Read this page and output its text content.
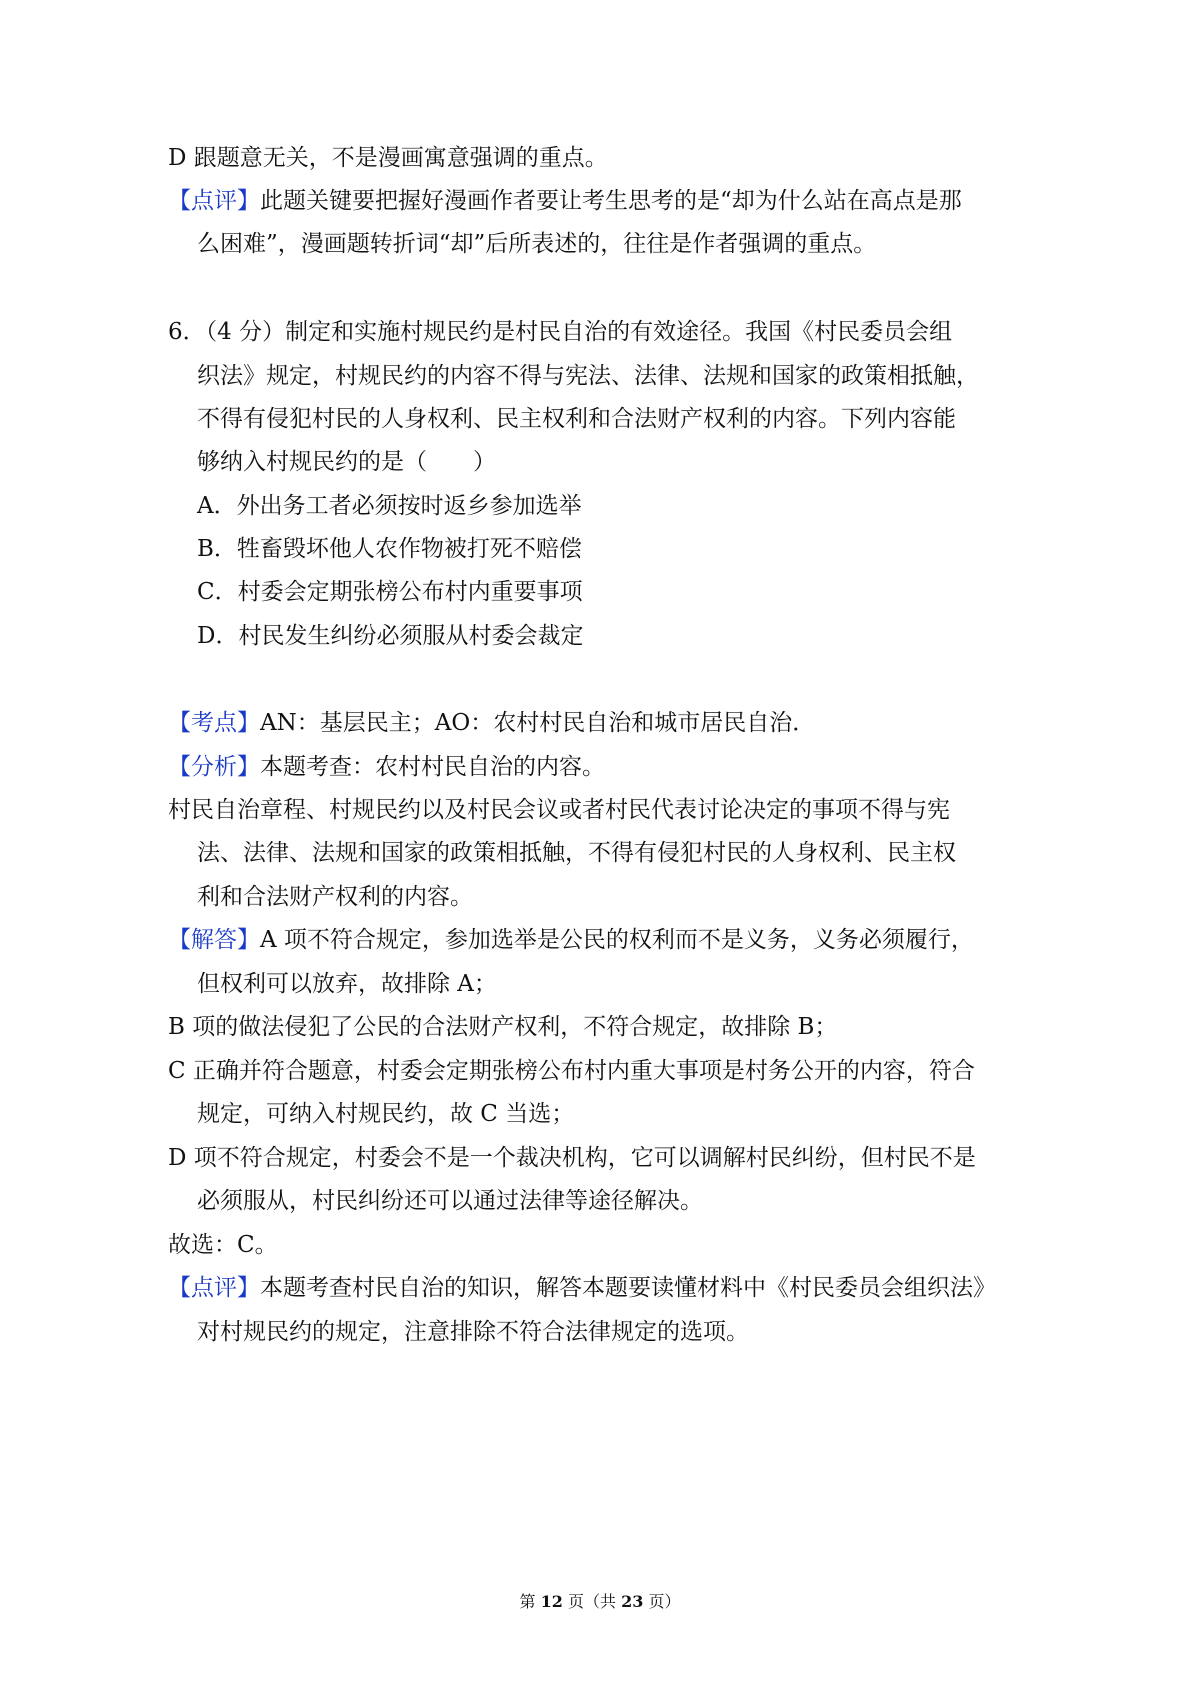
D 跟题意无关，不是漫画寓意强调的重点。
【点评】此题关键要把握好漫画作者要让考生思考的是“却为什么站在高点是那
么困难”，漫画题转折词“却”后所表述的，往往是作者强调的重点。
6．（4 分）制定和实施村规民约是村民自治的有效途径。我国《村民委员会组
织法》规定，村规民约的内容不得与宪法、法律、法规和国家的政策相抵触，
不得有侵犯村民的人身权利、民主权利和合法财产权利的内容。下列内容能
够纳入村规民约的是（　　）
A．外出务工者必须按时返乡参加选举
B．牲畜毁坏他人农作物被打死不赔偿
C．村委会定期张榜公布村内重要事项
D．村民发生纠纷必须服从村委会裁定
【考点】AN：基层民主；AO：农村村民自治和城市居民自治．
【分析】本题考查：农村村民自治的内容。
村民自治章程、村规民约以及村民会议或者村民代表讨论决定的事项不得与宪
法、法律、法规和国家的政策相抵触，不得有侵犯村民的人身权利、民主权
利和合法财产权利的内容。
【解答】A 项不符合规定，参加选举是公民的权利而不是义务，义务必须履行，
但权利可以放弃，故排除 A；
B 项的做法侵犯了公民的合法财产权利，不符合规定，故排除 B；
C 正确并符合题意，村委会定期张榜公布村内重大事项是村务公开的内容，符合
规定，可纳入村规民约，故 C 当选；
D 项不符合规定，村委会不是一个裁决机构，它可以调解村民纠纷，但村民不是
必须服从，村民纠纷还可以通过法律等途径解决。
故选：C。
【点评】本题考查村民自治的知识，解答本题要读懂材料中《村民委员会组织法》
对村规民约的规定，注意排除不符合法律规定的选项。
第 12 页（共 23 页）
